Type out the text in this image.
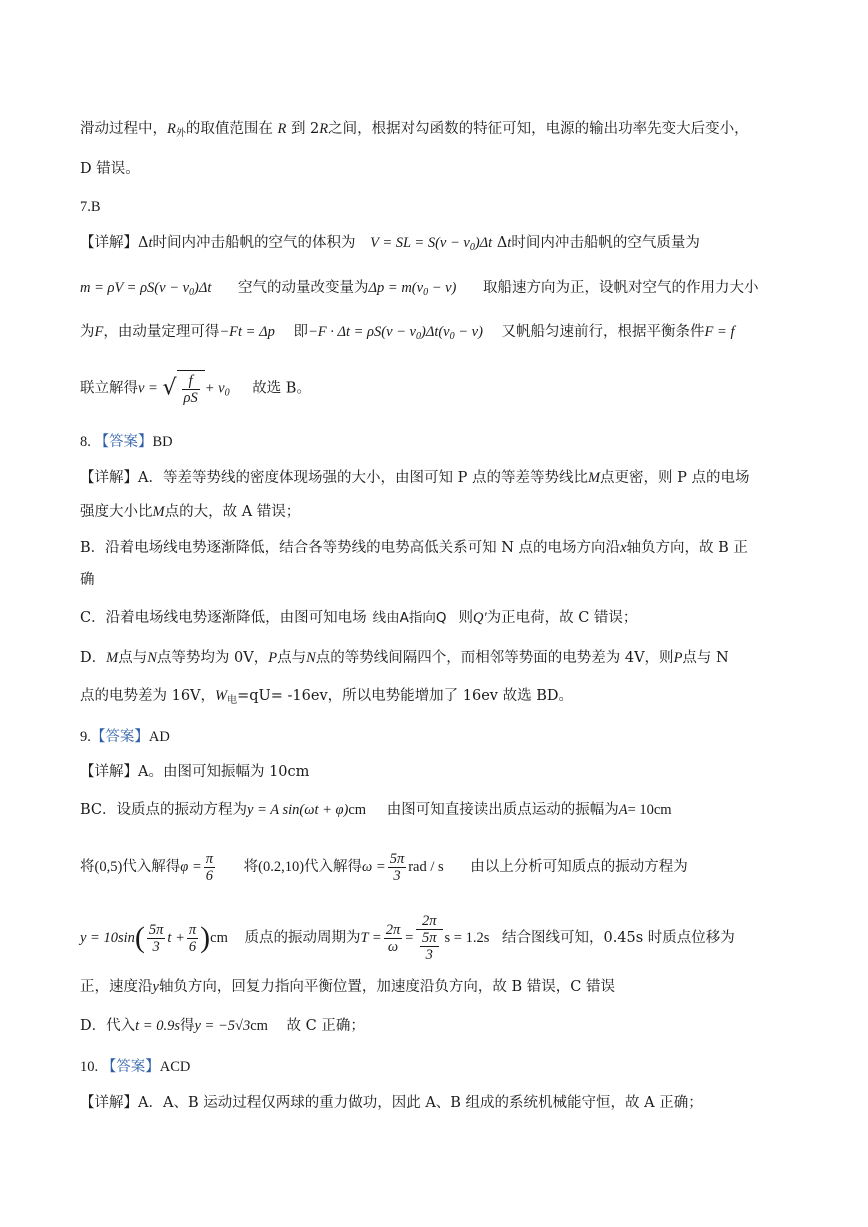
滑动过程中，$R_外$的取值范围在 R 到 2R之间，根据对勾函数的特征可知，电源的输出功率先变大后变小，
D 错误。
7.B
【详解】Δt时间内冲击船帆的空气的体积为 V = SL = $S(v - v_0)\Delta t$ Δt时间内冲击船帆的空气质量为
$m = \rho V = \rho S(v - v_0)\Delta t$ 空气的动量改变量为$\Delta p = m(v_0 - v)$ 取船速方向为正，设帆对空气的作用力大小
为F，由动量定理可得−Ft = Δp 即$-F \cdot \Delta t = \rho S(v - v_0)\Delta t(v_0 - v)$ 又帆船匀速前行，根据平衡条件F = f
联立解得v = √ $\frac{f}{\rho S} + v_0$ 故选 B。
8. 【答案】BD
【详解】A．等差等势线的密度体现场强的大小，由图可知 P 点的等差等势线比M点更密，则 P 点的电场
强度大小比M点的大，故 A 错误；
B．沿着电场线电势逐渐降低，结合各等势线的电势高低关系可知 N 点的电场方向沿x轴负方向，故 B 正
确
C．沿着电场线电势逐渐降低，由图可知电场 线由A指向Q 则Q′为正电荷，故 C 错误；
D．M点与N点等势均为 0V，P点与N点的等势线间隔四个，而相邻等势面的电势差为 4V，则P点与 N
点的电势差为 16V，$W_电=qU= -16ev$，所以电势能增加了 16ev 故选 BD。
9.【答案】AD
【详解】A。由图可知振幅为 10cm
BC．设质点的振动方程为y = A sin(ωt + φ)cm 由图可知直接读出质点运动的振幅为A= 10cm
将(0,5)代入解得$\varphi = \frac{\pi}{6}$ 将(0.2,10)代入解得$\omega = \frac{5\pi}{3}$ rad / s 由以上分析可知质点的振动方程为
$y = 10\sin( \frac{5\pi}{3}$ $t + \frac{\pi}{6} )cm$ 质点的振动周期为$T = \frac{2\pi}{\omega} = \frac{2\pi}{\frac{5\pi}{3}}$ s = 1.2s 结合图线可知，0.45s 时质点位移为
正，速度沿y轴负方向，回复力指向平衡位置，加速度沿负方向，故 B 错误，C 错误
D．代入t = 0.9s得y = −5√3cm 故 C 正确；
10. 【答案】ACD
【详解】A．A、B 运动过程仅两球的重力做功，因此 A、B 组成的系统机械能守恒，故 A 正确；
